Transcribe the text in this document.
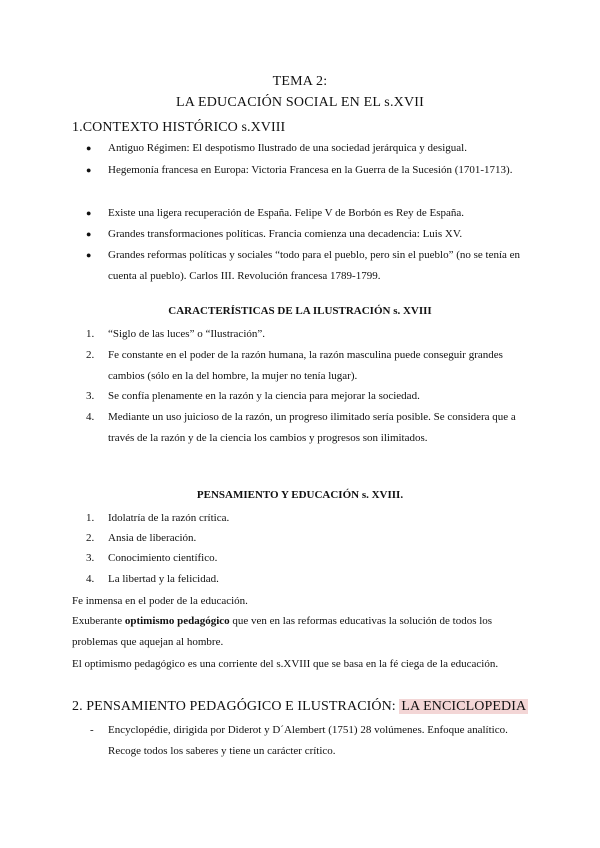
TEMA 2:
LA EDUCACIÓN SOCIAL EN EL s.XVII
1.CONTEXTO HISTÓRICO s.XVIII
●	Antiguo Régimen: El despotismo Ilustrado de una sociedad jerárquica y desigual.
●	Hegemonía francesa en Europa: Victoria Francesa en la Guerra de la Sucesión (1701-1713).
●	Existe una ligera recuperación de España. Felipe V de Borbón es Rey de España.
●	Grandes transformaciones políticas. Francia comienza una decadencia: Luis XV.
●	Grandes reformas políticas y sociales “todo para el pueblo, pero sin el pueblo” (no se tenía en cuenta al pueblo). Carlos III. Revolución francesa 1789-1799.
CARACTERÍSTICAS DE LA ILUSTRACIÓN s. XVIII
1.	“Siglo de las luces” o “Ilustración”.
2.	Fe constante en el poder de la razón humana, la razón masculina puede conseguir grandes cambios (sólo en la del hombre, la mujer no tenía lugar).
3.	Se confía plenamente en la razón y la ciencia para mejorar la sociedad.
4.	Mediante un uso juicioso de la razón, un progreso ilimitado sería posible. Se considera que a través de la razón y de la ciencia los cambios y progresos son ilimitados.
PENSAMIENTO Y EDUCACIÓN s. XVIII.
1.	Idolatría de la razón crítica.
2.	Ansia de liberación.
3.	Conocimiento científico.
4.	La libertad y la felicidad.
Fe inmensa en el poder de la educación.
Exuberante optimismo pedagógico que ven en las reformas educativas la solución de todos los problemas que aquejan al hombre.
El optimismo pedagógico es una corriente del s.XVIII que se basa en la fé ciega de la educación.
2. PENSAMIENTO PEDAGÓGICO E ILUSTRACIÓN: LA ENCICLOPEDIA
-	Encyclopédie, dirigida por Diderot y D´Alembert (1751) 28 volúmenes. Enfoque analítico. Recoge todos los saberes y tiene un carácter crítico.
